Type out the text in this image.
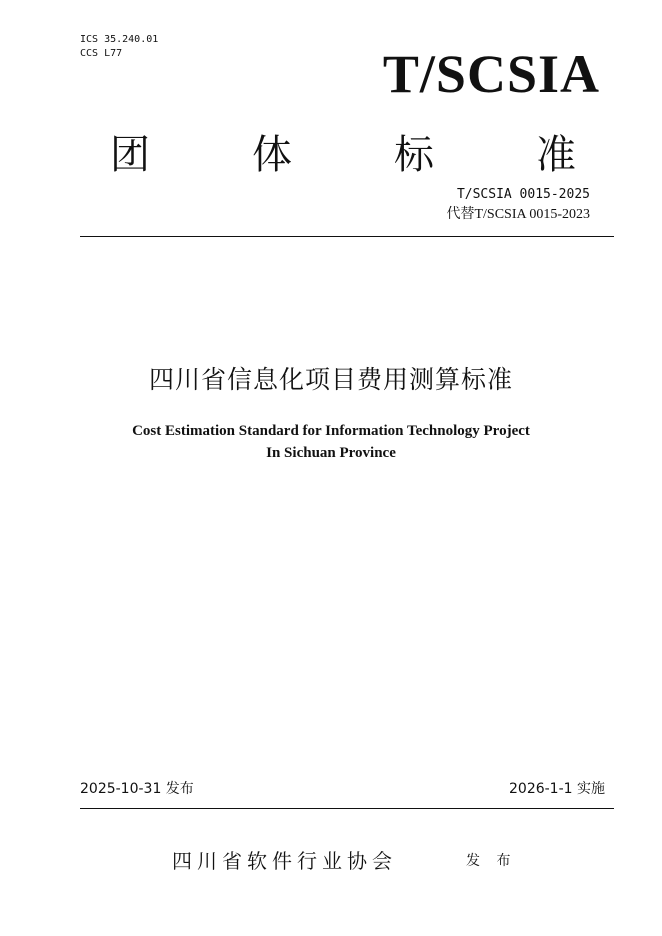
ICS 35.240.01
CCS L77	T/SCSIA
团	体	标	准
T/SCSIA 0015-2025
代替T/SCSIA 0015-2023
四川省信息化项目费用测算标准
Cost Estimation Standard for Information Technology Project
In Sichuan Province
2025-10-31 发布	2026-1-1 实施
四川省软件行业协会	发 布
